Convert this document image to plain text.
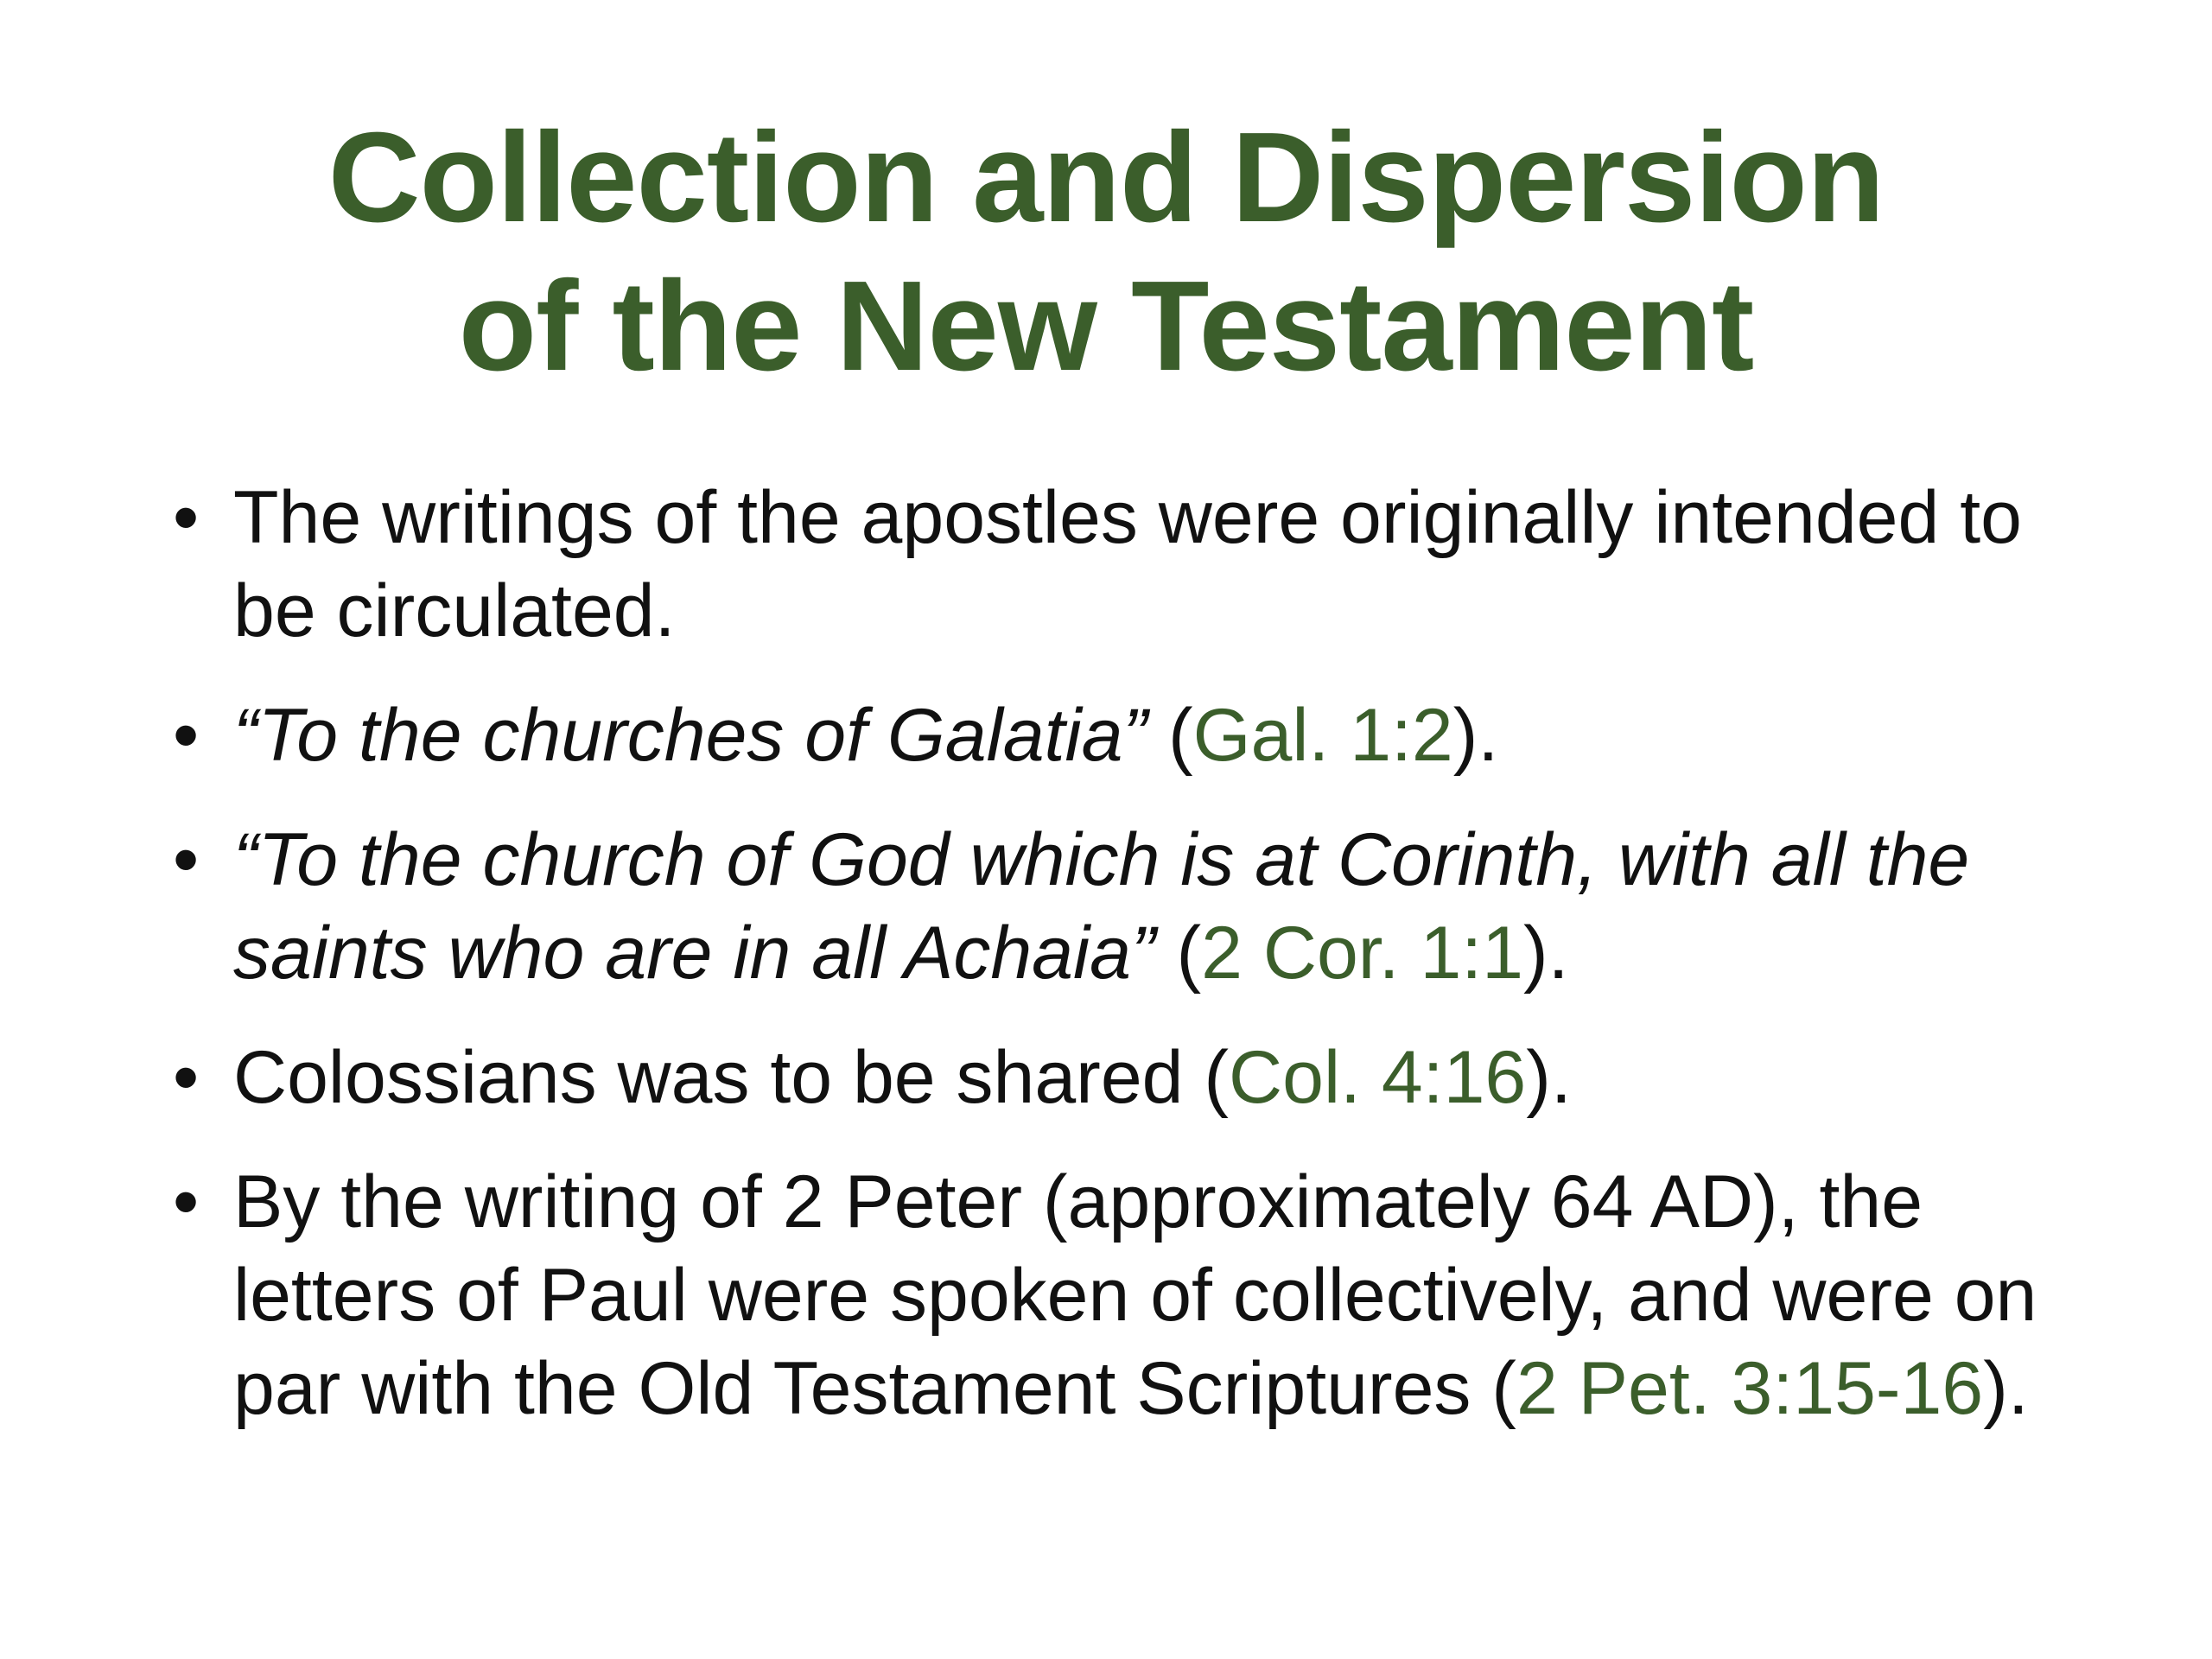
Collection and Dispersion
of the New Testament
• The writings of the apostles were originally intended to be circulated.
• “To the churches of Galatia” (Gal. 1:2).
• “To the church of God which is at Corinth, with all the saints who are in all Achaia” (2 Cor. 1:1).
• Colossians was to be shared (Col. 4:16).
• By the writing of 2 Peter (approximately 64 AD), the letters of Paul were spoken of collectively, and were on par with the Old Testament Scriptures (2 Pet. 3:15-16).
